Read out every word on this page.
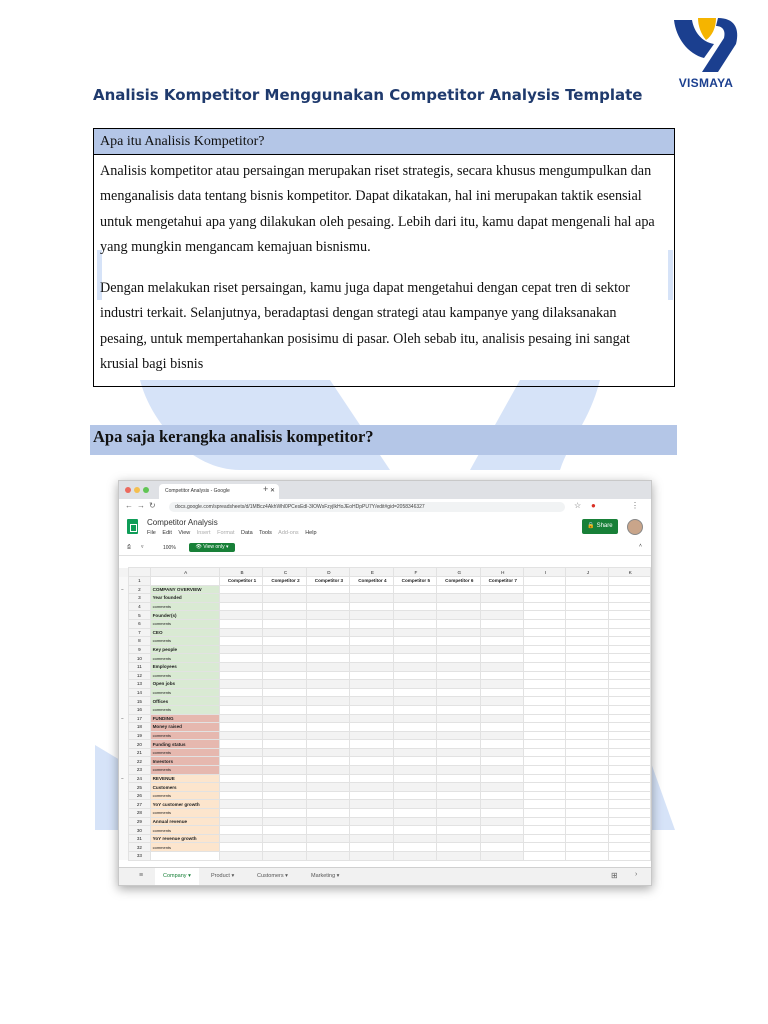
VISMAYA
Analisis Kompetitor Menggunakan Competitor Analysis Template
Apa itu Analisis Kompetitor?

Analisis kompetitor atau persaingan merupakan riset strategis, secara khusus mengumpulkan dan menganalisis data tentang bisnis kompetitor. Dapat dikatakan, hal ini merupakan taktik esensial untuk mengetahui apa yang dilakukan oleh pesaing. Lebih dari itu, kamu dapat mengenali hal apa yang mungkin mengancam kemajuan bisnismu.

Dengan melakukan riset persaingan, kamu juga dapat mengetahui dengan cepat tren di sektor industri terkait. Selanjutnya, beradaptasi dengan strategi atau kampanye yang dilaksanakan pesaing, untuk mempertahankan posisimu di pasar. Oleh sebab itu, analisis pesaing ini sangat krusial bagi bisnis

Apa saja kerangka analisis kompetitor?
Competitor Analysis - Google	✕
+
← → ↻	docs.google.com/spreadsheets/d/1MBcz4AkhWhl0PCesEdl-3IOWsFzyjlkHoJEoHDpPU7Y/edit#gid=2058346327	☆ ●	⋮
Competitor Analysis
File Edit View Insert Format Data Tools Add-ons Help
🔒 Share
⎙ ▿	100%	👁 View only ▾	˄
		A	B	C	D	E	F	G	H	I	J	K
	1		Competitor 1	Competitor 2	Competitor 3	Competitor 4	Competitor 5	Competitor 6	Competitor 7			
−	2	COMPANY OVERVIEW										
	3	Year founded										
	4	comments										
	5	Founder(s)										
	6	comments										
	7	CEO										
	8	comments										
	9	Key people										
	10	comments										
	11	Employees										
	12	comments										
	13	Open jobs										
	14	comments										
	15	Offices										
	16	comments										
−	17	FUNDING										
	18	Money raised										
	19	comments										
	20	Funding status										
	21	comments										
	22	Investors										
	23	comments										
−	24	REVENUE										
	25	Customers										
	26	comments										
	27	YoY customer growth										
	28	comments										
	29	Annual revenue										
	30	comments										
	31	YoY revenue growth										
	32	comments										
	33											
≡	Company ▾	Product ▾	Customers ▾	Marketing ▾	⊞ ›
